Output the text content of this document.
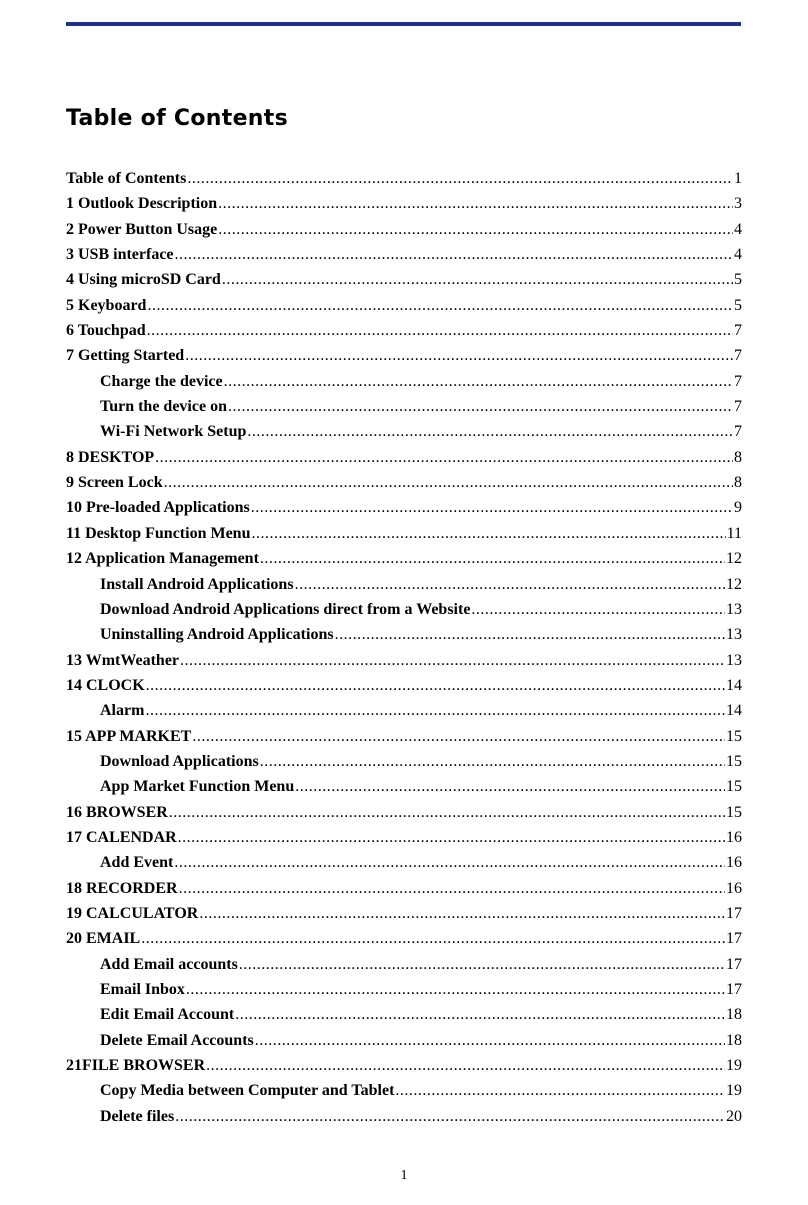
Table of Contents
Table of Contents .....	1
1 Outlook Description .....	3
2 Power Button Usage .....	4
3 USB interface .....	4
4 Using microSD Card .....	5
5 Keyboard .....	5
6 Touchpad .....	7
7 Getting Started .....	7
Charge the device .....	7
Turn the device on .....	7
Wi-Fi Network Setup .....	7
8 DESKTOP .....	8
9 Screen Lock .....	8
10 Pre-loaded Applications .....	9
11 Desktop Function Menu .....	11
12 Application Management .....	12
Install Android Applications .....	12
Download Android Applications direct from a Website .....	13
Uninstalling Android Applications .....	13
13 WmtWeather .....	13
14 CLOCK .....	14
Alarm .....	14
15 APP MARKET .....	15
Download Applications .....	15
App Market Function Menu .....	15
16 BROWSER .....	15
17 CALENDAR .....	16
Add Event .....	16
18 RECORDER .....	16
19 CALCULATOR .....	17
20 EMAIL .....	17
Add Email accounts .....	17
Email Inbox .....	17
Edit Email Account .....	18
Delete Email Accounts .....	18
21FILE BROWSER .....	19
Copy Media between Computer and Tablet .....	19
Delete files .....	20
1
